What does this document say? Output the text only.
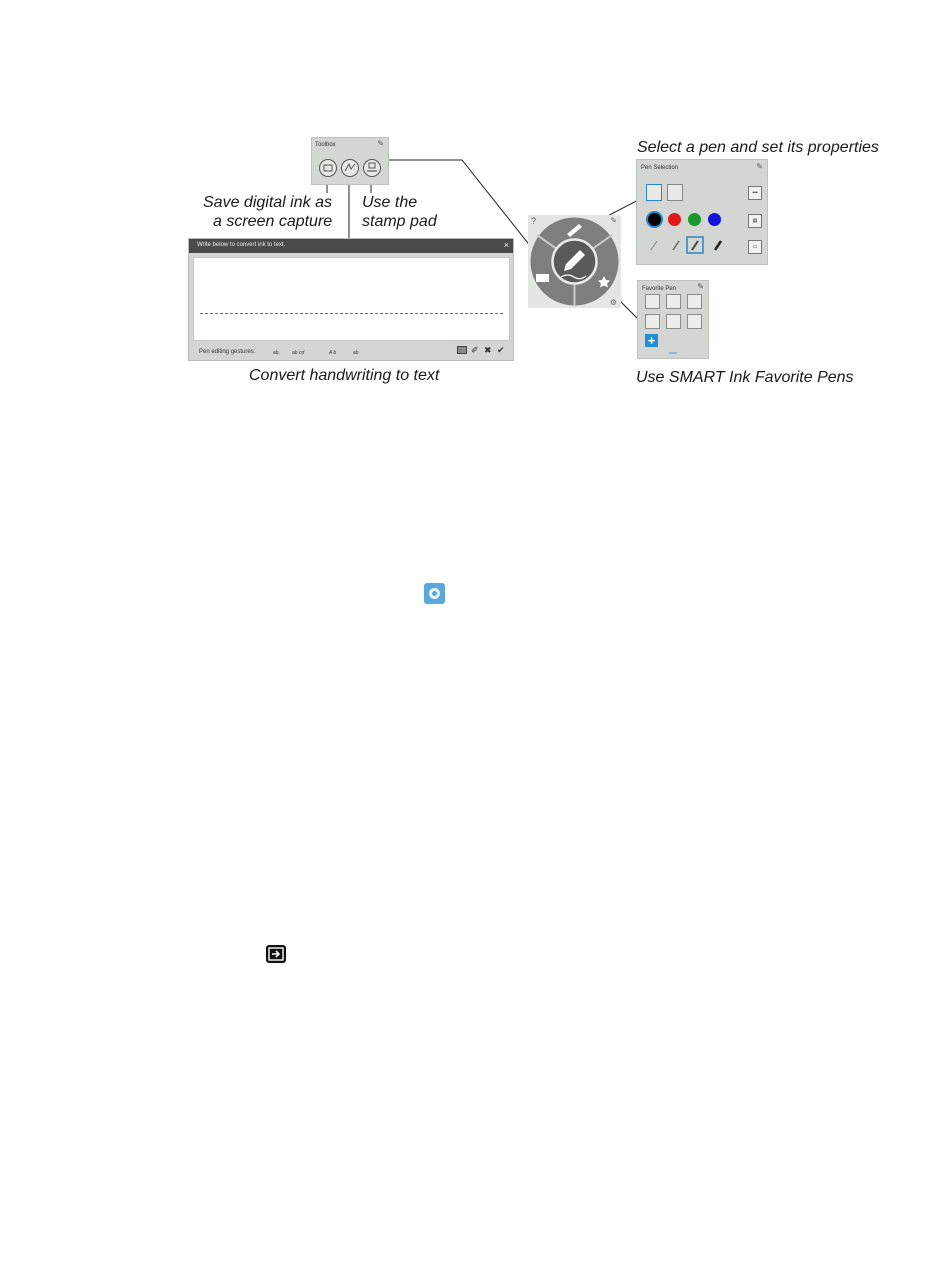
Select a pen and set its properties
Save digital ink as
a screen capture
Use the
stamp pad
Convert handwriting to text	Use SMART Ink Favorite Pens
Toolbox	✎
Write below to convert ink to text.	×
Pen editing gestures:	ab̶	ab cd	A b	ab	✐ ✖ ✔
?	✎
⚙
Pen Selection	✎
•••
▤
▭
Favorite Pen	✎
+
